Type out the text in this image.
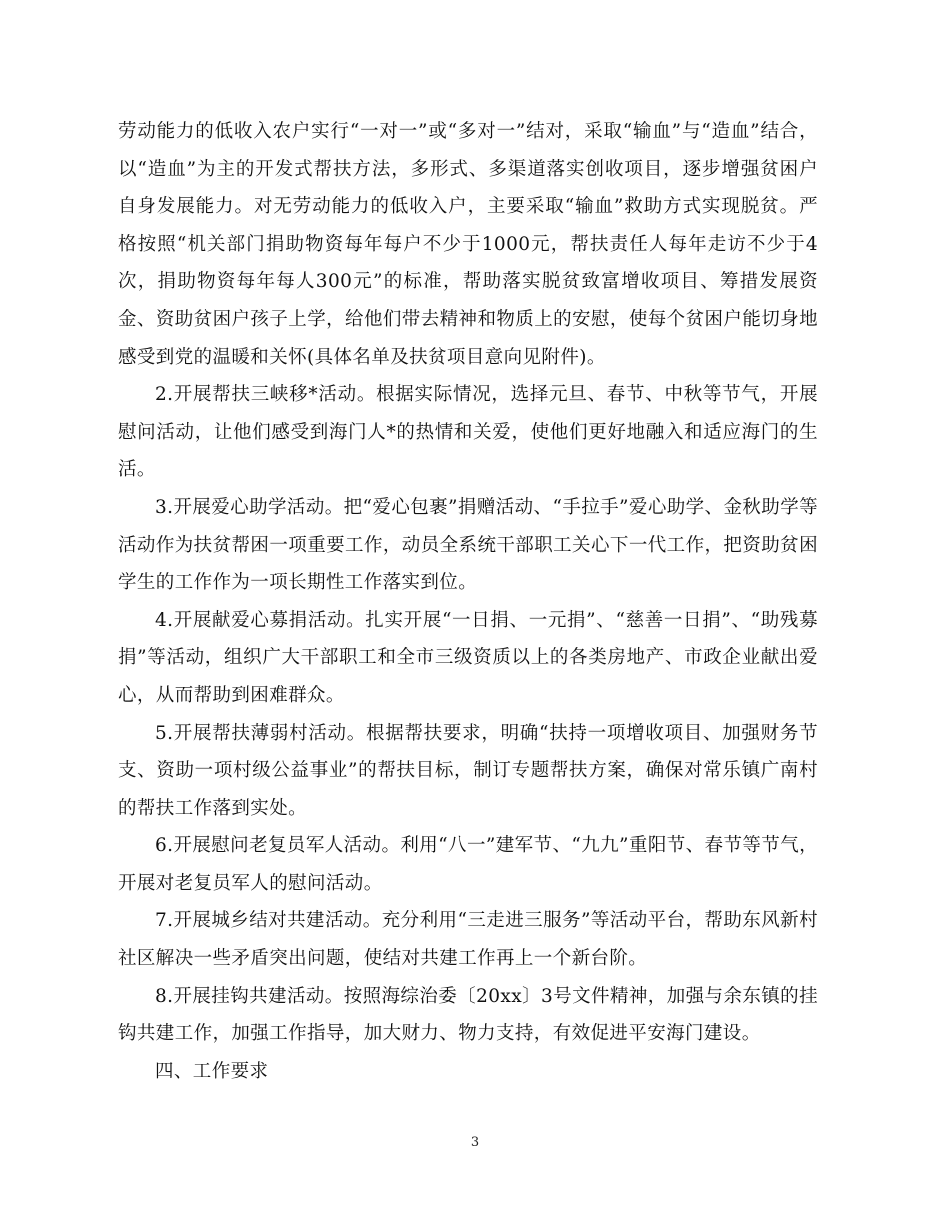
劳动能力的低收入农户实行“一对一”或“多对一”结对，采取“输血”与“造血”结合，以“造血”为主的开发式帮扶方法，多形式、多渠道落实创收项目，逐步增强贫困户自身发展能力。对无劳动能力的低收入户，主要采取“输血”救助方式实现脱贫。严格按照“机关部门捐助物资每年每户不少于1000元，帮扶责任人每年走访不少于4次，捐助物资每年每人300元”的标准，帮助落实脱贫致富增收项目、筹措发展资金、资助贫困户孩子上学，给他们带去精神和物质上的安慰，使每个贫困户能切身地感受到党的温暖和关怀(具体名单及扶贫项目意向见附件)。

2.开展帮扶三峡移*活动。根据实际情况，选择元旦、春节、中秋等节气，开展慰问活动，让他们感受到海门人*的热情和关爱，使他们更好地融入和适应海门的生活。

3.开展爱心助学活动。把“爱心包裹”捐赠活动、“手拉手”爱心助学、金秋助学等活动作为扶贫帮困一项重要工作，动员全系统干部职工关心下一代工作，把资助贫困学生的工作作为一项长期性工作落实到位。

4.开展献爱心募捐活动。扎实开展“一日捐、一元捐”、“慈善一日捐”、“助残募捐”等活动，组织广大干部职工和全市三级资质以上的各类房地产、市政企业献出爱心，从而帮助到困难群众。

5.开展帮扶薄弱村活动。根据帮扶要求，明确“扶持一项增收项目、加强财务节支、资助一项村级公益事业”的帮扶目标，制订专题帮扶方案，确保对常乐镇广南村的帮扶工作落到实处。

6.开展慰问老复员军人活动。利用“八一”建军节、“九九”重阳节、春节等节气，开展对老复员军人的慰问活动。

7.开展城乡结对共建活动。充分利用“三走进三服务”等活动平台，帮助东风新村社区解决一些矛盾突出问题，使结对共建工作再上一个新台阶。

8.开展挂钩共建活动。按照海综治委〔20xx〕3号文件精神，加强与余东镇的挂钩共建工作，加强工作指导，加大财力、物力支持，有效促进平安海门建设。

四、工作要求

3
